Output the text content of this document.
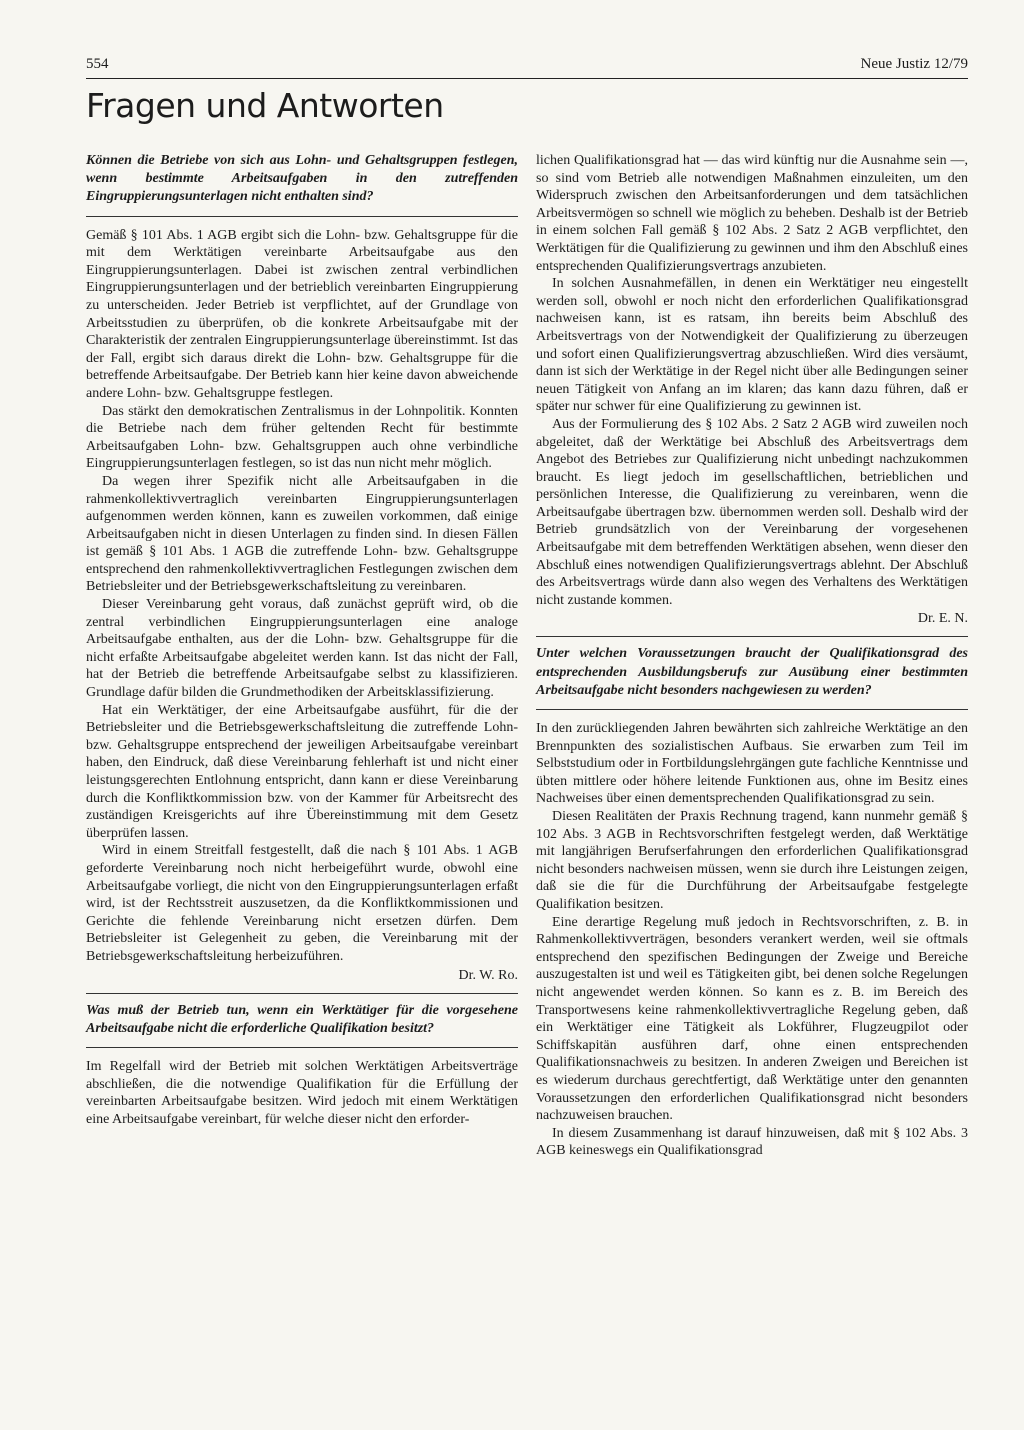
554	Neue Justiz 12/79
Fragen und Antworten
Können die Betriebe von sich aus Lohn- und Gehaltsgruppen festlegen, wenn bestimmte Arbeitsaufgaben in den zutreffenden Eingruppierungsunterlagen nicht enthalten sind?

Gemäß § 101 Abs. 1 AGB ergibt sich die Lohn- bzw. Gehaltsgruppe für die mit dem Werktätigen vereinbarte Arbeitsaufgabe aus den Eingruppierungsunterlagen. Dabei ist zwischen zentral verbindlichen Eingruppierungsunterlagen und der betrieblich vereinbarten Eingruppierung zu unterscheiden. Jeder Betrieb ist verpflichtet, auf der Grundlage von Arbeitsstudien zu überprüfen, ob die konkrete Arbeitsaufgabe mit der Charakteristik der zentralen Eingruppierungsunterlage übereinstimmt. Ist das der Fall, ergibt sich daraus direkt die Lohn- bzw. Gehaltsgruppe für die betreffende Arbeitsaufgabe. Der Betrieb kann hier keine davon abweichende andere Lohn- bzw. Gehaltsgruppe festlegen.

Das stärkt den demokratischen Zentralismus in der Lohnpolitik. Konnten die Betriebe nach dem früher geltenden Recht für bestimmte Arbeitsaufgaben Lohn- bzw. Gehaltsgruppen auch ohne verbindliche Eingruppierungsunterlagen festlegen, so ist das nun nicht mehr möglich.

Da wegen ihrer Spezifik nicht alle Arbeitsaufgaben in die rahmenkollektivvertraglich vereinbarten Eingruppierungsunterlagen aufgenommen werden können, kann es zuweilen vorkommen, daß einige Arbeitsaufgaben nicht in diesen Unterlagen zu finden sind. In diesen Fällen ist gemäß § 101 Abs. 1 AGB die zutreffende Lohn- bzw. Gehaltsgruppe entsprechend den rahmenkollektivvertraglichen Festlegungen zwischen dem Betriebsleiter und der Betriebsgewerkschaftsleitung zu vereinbaren.

Dieser Vereinbarung geht voraus, daß zunächst geprüft wird, ob die zentral verbindlichen Eingruppierungsunterlagen eine analoge Arbeitsaufgabe enthalten, aus der die Lohn- bzw. Gehaltsgruppe für die nicht erfaßte Arbeitsaufgabe abgeleitet werden kann. Ist das nicht der Fall, hat der Betrieb die betreffende Arbeitsaufgabe selbst zu klassifizieren. Grundlage dafür bilden die Grundmethodiken der Arbeitsklassifizierung.

Hat ein Werktätiger, der eine Arbeitsaufgabe ausführt, für die der Betriebsleiter und die Betriebsgewerkschaftsleitung die zutreffende Lohn- bzw. Gehaltsgruppe entsprechend der jeweiligen Arbeitsaufgabe vereinbart haben, den Eindruck, daß diese Vereinbarung fehlerhaft ist und nicht einer leistungsgerechten Entlohnung entspricht, dann kann er diese Vereinbarung durch die Konfliktkommission bzw. von der Kammer für Arbeitsrecht des zuständigen Kreisgerichts auf ihre Übereinstimmung mit dem Gesetz überprüfen lassen.

Wird in einem Streitfall festgestellt, daß die nach § 101 Abs. 1 AGB geforderte Vereinbarung noch nicht herbeigeführt wurde, obwohl eine Arbeitsaufgabe vorliegt, die nicht von den Eingruppierungsunterlagen erfaßt wird, ist der Rechtsstreit auszusetzen, da die Konfliktkommissionen und Gerichte die fehlende Vereinbarung nicht ersetzen dürfen. Dem Betriebsleiter ist Gelegenheit zu geben, die Vereinbarung mit der Betriebsgewerkschaftsleitung herbeizuführen.

Dr. W. Ro.
Was muß der Betrieb tun, wenn ein Werktätiger für die vorgesehene Arbeitsaufgabe nicht die erforderliche Qualifikation besitzt?

Im Regelfall wird der Betrieb mit solchen Werktätigen Arbeitsverträge abschließen, die die notwendige Qualifikation für die Erfüllung der vereinbarten Arbeitsaufgabe besitzen. Wird jedoch mit einem Werktätigen eine Arbeitsaufgabe vereinbart, für welche dieser nicht den erforder-

lichen Qualifikationsgrad hat — das wird künftig nur die Ausnahme sein —, so sind vom Betrieb alle notwendigen Maßnahmen einzuleiten, um den Widerspruch zwischen den Arbeitsanforderungen und dem tatsächlichen Arbeitsvermögen so schnell wie möglich zu beheben. Deshalb ist der Betrieb in einem solchen Fall gemäß § 102 Abs. 2 Satz 2 AGB verpflichtet, den Werktätigen für die Qualifizierung zu gewinnen und ihm den Abschluß eines entsprechenden Qualifizierungsvertrags anzubieten.

In solchen Ausnahmefällen, in denen ein Werktätiger neu eingestellt werden soll, obwohl er noch nicht den erforderlichen Qualifikationsgrad nachweisen kann, ist es ratsam, ihn bereits beim Abschluß des Arbeitsvertrags von der Notwendigkeit der Qualifizierung zu überzeugen und sofort einen Qualifizierungsvertrag abzuschließen. Wird dies versäumt, dann ist sich der Werktätige in der Regel nicht über alle Bedingungen seiner neuen Tätigkeit von Anfang an im klaren; das kann dazu führen, daß er später nur schwer für eine Qualifizierung zu gewinnen ist.

Aus der Formulierung des § 102 Abs. 2 Satz 2 AGB wird zuweilen noch abgeleitet, daß der Werktätige bei Abschluß des Arbeitsvertrags dem Angebot des Betriebes zur Qualifizierung nicht unbedingt nachzukommen braucht. Es liegt jedoch im gesellschaftlichen, betrieblichen und persönlichen Interesse, die Qualifizierung zu vereinbaren, wenn die Arbeitsaufgabe übertragen bzw. übernommen werden soll. Deshalb wird der Betrieb grundsätzlich von der Vereinbarung der vorgesehenen Arbeitsaufgabe mit dem betreffenden Werktätigen absehen, wenn dieser den Abschluß eines notwendigen Qualifizierungsvertrags ablehnt. Der Abschluß des Arbeitsvertrags würde dann also wegen des Verhaltens des Werktätigen nicht zustande kommen.

Dr. E. N.
Unter welchen Voraussetzungen braucht der Qualifikationsgrad des entsprechenden Ausbildungsberufs zur Ausübung einer bestimmten Arbeitsaufgabe nicht besonders nachgewiesen zu werden?

In den zurückliegenden Jahren bewährten sich zahlreiche Werktätige an den Brennpunkten des sozialistischen Aufbaus. Sie erwarben zum Teil im Selbststudium oder in Fortbildungslehrgängen gute fachliche Kenntnisse und übten mittlere oder höhere leitende Funktionen aus, ohne im Besitz eines Nachweises über einen dementsprechenden Qualifikationsgrad zu sein.

Diesen Realitäten der Praxis Rechnung tragend, kann nunmehr gemäß § 102 Abs. 3 AGB in Rechtsvorschriften festgelegt werden, daß Werktätige mit langjährigen Berufserfahrungen den erforderlichen Qualifikationsgrad nicht besonders nachweisen müssen, wenn sie durch ihre Leistungen zeigen, daß sie die für die Durchführung der Arbeitsaufgabe festgelegte Qualifikation besitzen.

Eine derartige Regelung muß jedoch in Rechtsvorschriften, z. B. in Rahmenkollektivverträgen, besonders verankert werden, weil sie oftmals entsprechend den spezifischen Bedingungen der Zweige und Bereiche auszugestalten ist und weil es Tätigkeiten gibt, bei denen solche Regelungen nicht angewendet werden können. So kann es z. B. im Bereich des Transportwesens keine rahmenkollektivvertragliche Regelung geben, daß ein Werktätiger eine Tätigkeit als Lokführer, Flugzeugpilot oder Schiffskapitän ausführen darf, ohne einen entsprechenden Qualifikationsnachweis zu besitzen. In anderen Zweigen und Bereichen ist es wiederum durchaus gerechtfertigt, daß Werktätige unter den genannten Voraussetzungen den erforderlichen Qualifikationsgrad nicht besonders nachzuweisen brauchen.

In diesem Zusammenhang ist darauf hinzuweisen, daß mit § 102 Abs. 3 AGB keineswegs ein Qualifikationsgrad
